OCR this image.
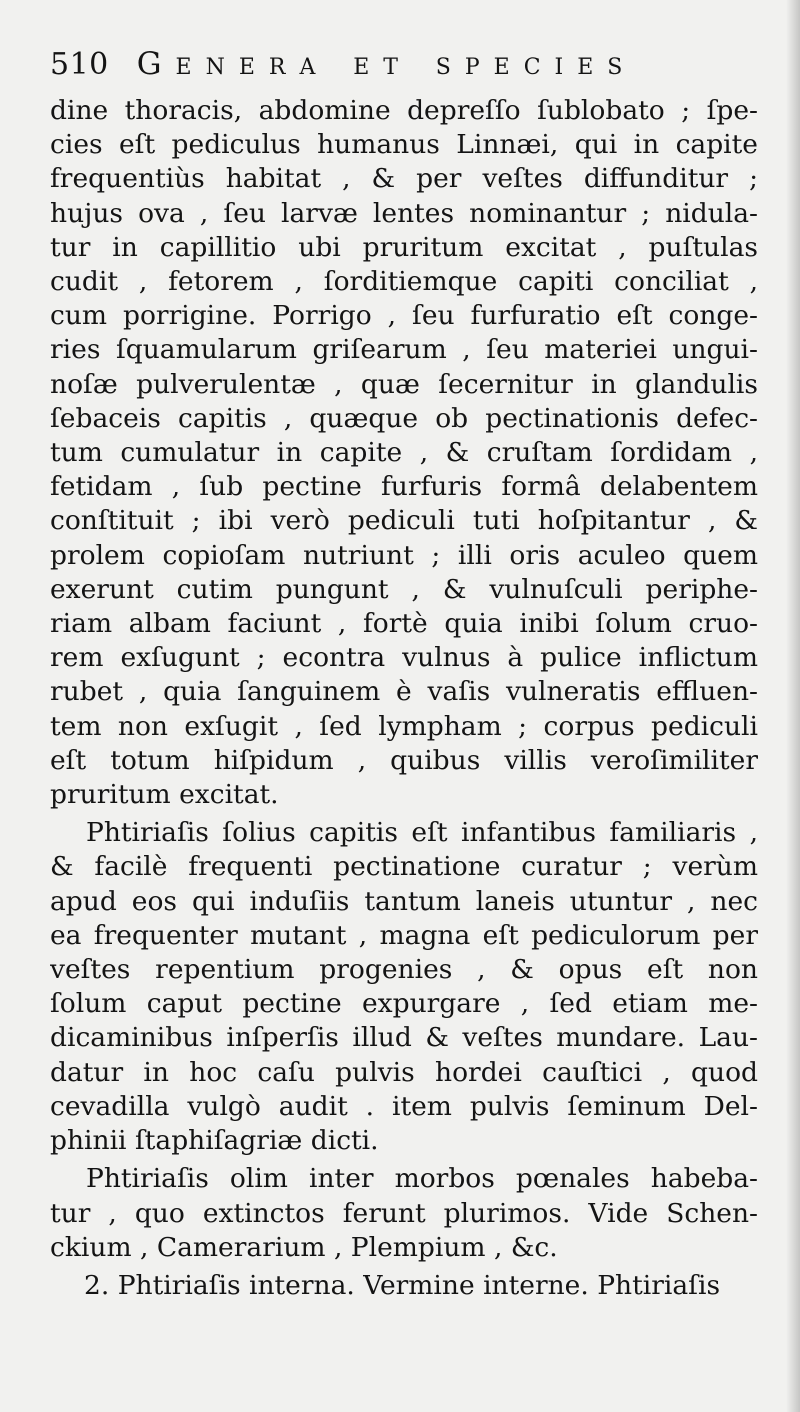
510 Genera et species
dine thoracis, abdomine depreſſo ſublobato ; ſpe-
cies eſt pediculus humanus Linnæi, qui in capite
frequentiùs habitat , & per veſtes diffunditur ;
hujus ova , ſeu larvæ lentes nominantur ; nidula-
tur in capillitio ubi pruritum excitat , puſtulas
cudit , fetorem , ſorditiemque capiti conciliat ,
cum porrigine. Porrigo , ſeu furfuratio eſt conge-
ries ſquamularum griſearum , ſeu materiei ungui-
noſæ pulverulentæ , quæ ſecernitur in glandulis
ſebaceis capitis , quæque ob pectinationis defec-
tum cumulatur in capite , & cruſtam ſordidam ,
fetidam , ſub pectine furfuris formâ delabentem
conſtituit ; ibi verò pediculi tuti hoſpitantur , &
prolem copioſam nutriunt ; illi oris aculeo quem
exerunt cutim pungunt , & vulnuſculi periphe-
riam albam faciunt , fortè quia inibi ſolum cruo-
rem exſugunt ; econtra vulnus à pulice inflictum
rubet , quia ſanguinem è vaſis vulneratis effluen-
tem non exſugit , ſed lympham ; corpus pediculi
eſt totum hiſpidum , quibus villis veroſimiliter
pruritum excitat.
Phtiriaſis ſolius capitis eſt infantibus familiaris ,
& facilè frequenti pectinatione curatur ; verùm
apud eos qui induſiis tantum laneis utuntur , nec
ea frequenter mutant , magna eſt pediculorum per
veſtes repentium progenies , & opus eſt non
ſolum caput pectine expurgare , ſed etiam me-
dicaminibus inſperſis illud & veſtes mundare. Lau-
datur in hoc caſu pulvis hordei cauſtici , quod
cevadilla vulgò audit . item pulvis ſeminum Del-
phinii ſtaphiſagriæ dicti.
Phtiriaſis olim inter morbos pœnales habeba-
tur , quo extinctos ferunt plurimos. Vide Schen-
ckium , Camerarium , Plempium , &c.
2. Phtiriaſis interna. Vermine interne. Phtiriaſis
